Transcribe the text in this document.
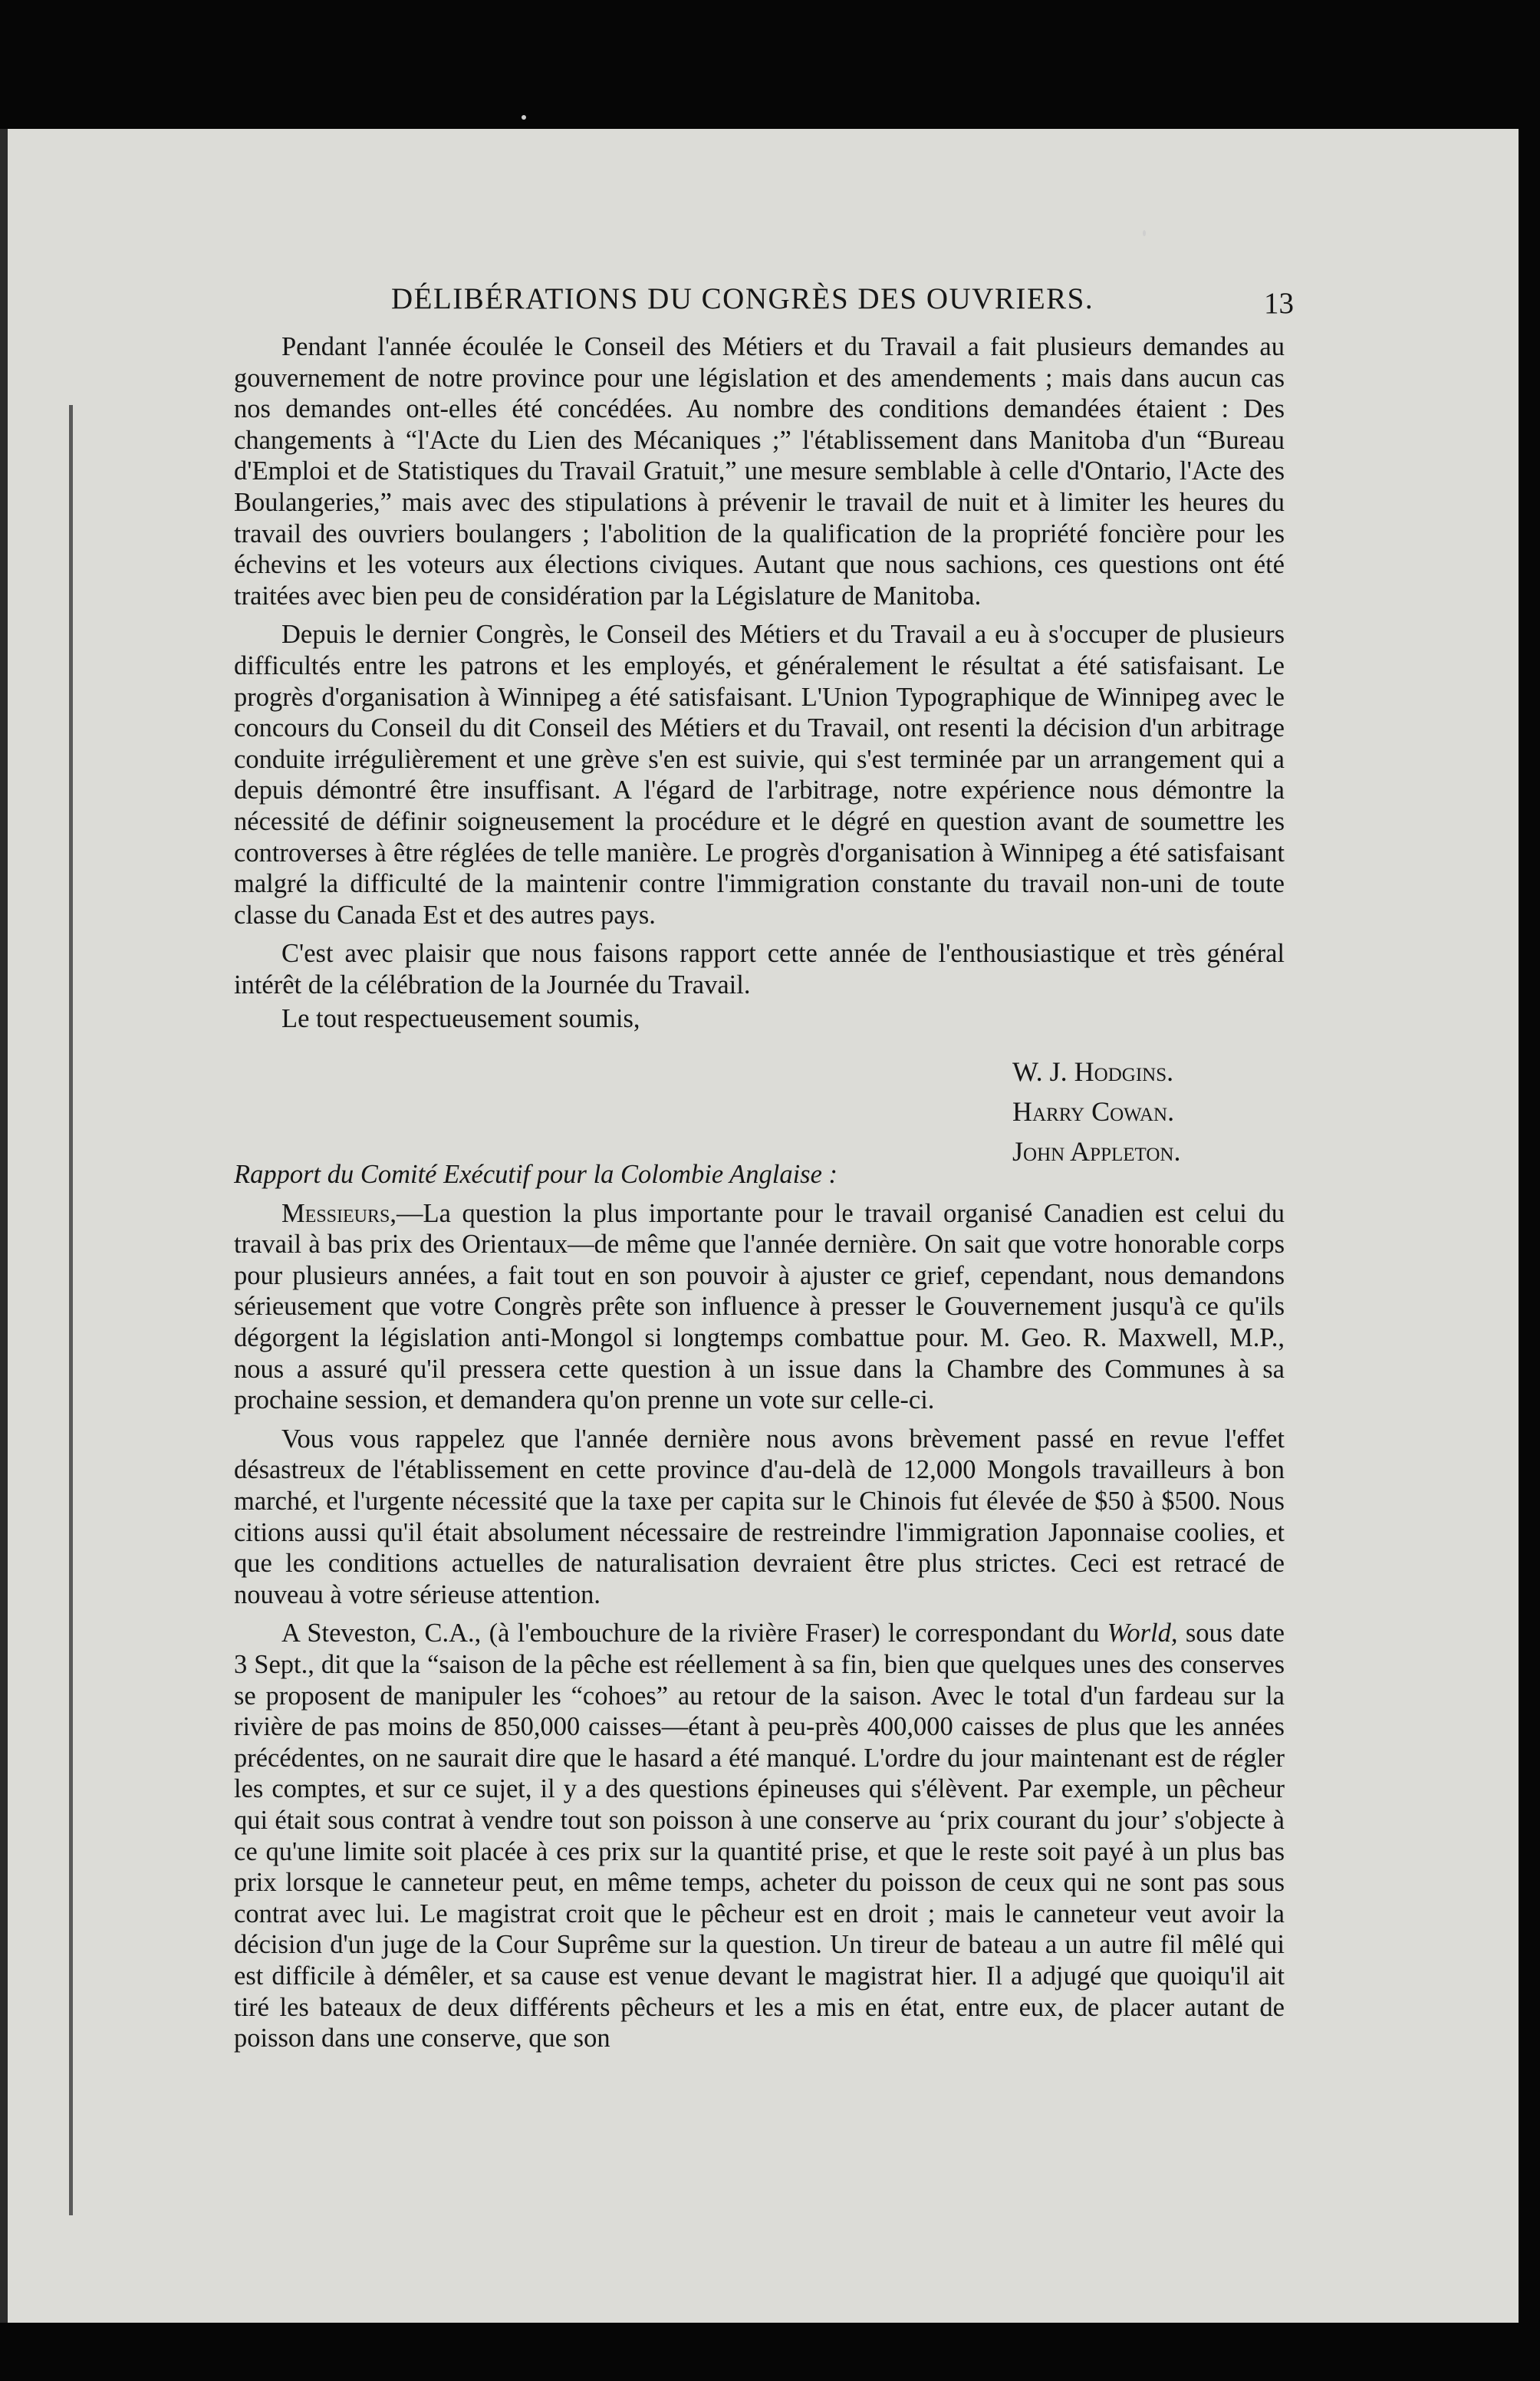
DÉLIBÉRATIONS DU CONGRÈS DES OUVRIERS.	13

Pendant l'année écoulée le Conseil des Métiers et du Travail a fait plusieurs demandes au gouvernement de notre province pour une législation et des amendements ; mais dans aucun cas nos demandes ont-elles été concédées. Au nombre des conditions demandées étaient : Des changements à “l'Acte du Lien des Mécaniques ;” l'établissement dans Manitoba d'un “Bureau d'Emploi et de Statistiques du Travail Gratuit,” une mesure semblable à celle d'Ontario, l'Acte des Boulangeries,” mais avec des stipulations à prévenir le travail de nuit et à limiter les heures du travail des ouvriers boulangers ; l'abolition de la qualification de la propriété foncière pour les échevins et les voteurs aux élections civiques. Autant que nous sachions, ces questions ont été traitées avec bien peu de considération par la Législature de Manitoba.

Depuis le dernier Congrès, le Conseil des Métiers et du Travail a eu à s'occuper de plusieurs difficultés entre les patrons et les employés, et généralement le résultat a été satisfaisant. Le progrès d'organisation à Winnipeg a été satisfaisant. L'Union Typographique de Winnipeg avec le concours du Conseil du dit Conseil des Métiers et du Travail, ont resenti la décision d'un arbitrage conduite irrégulièrement et une grève s'en est suivie, qui s'est terminée par un arrangement qui a depuis démontré être insuffisant. A l'égard de l'arbitrage, notre expérience nous démontre la nécessité de définir soigneusement la procédure et le dégré en question avant de soumettre les controverses à être réglées de telle manière. Le progrès d'organisation à Winnipeg a été satisfaisant malgré la difficulté de la maintenir contre l'immigration constante du travail non-uni de toute classe du Canada Est et des autres pays.

C'est avec plaisir que nous faisons rapport cette année de l'enthousiastique et très général intérêt de la célébration de la Journée du Travail.

Le tout respectueusement soumis,

W. J. Hodgins.
Harry Cowan.
John Appleton.
Rapport du Comité Exécutif pour la Colombie Anglaise :

Messieurs,—La question la plus importante pour le travail organisé Canadien est celui du travail à bas prix des Orientaux—de même que l'année dernière. On sait que votre honorable corps pour plusieurs années, a fait tout en son pouvoir à ajuster ce grief, cependant, nous demandons sérieusement que votre Congrès prête son influence à presser le Gouvernement jusqu'à ce qu'ils dégorgent la législation anti-Mongol si longtemps combattue pour. M. Geo. R. Maxwell, M.P., nous a assuré qu'il pressera cette question à un issue dans la Chambre des Communes à sa prochaine session, et demandera qu'on prenne un vote sur celle-ci.

Vous vous rappelez que l'année dernière nous avons brèvement passé en revue l'effet désastreux de l'établissement en cette province d'au-delà de 12,000 Mongols travailleurs à bon marché, et l'urgente nécessité que la taxe per capita sur le Chinois fut élevée de $50 à $500. Nous citions aussi qu'il était absolument nécessaire de restreindre l'immigration Japonnaise coolies, et que les conditions actuelles de naturalisation devraient être plus strictes. Ceci est retracé de nouveau à votre sérieuse attention.

A Steveston, C.A., (à l'embouchure de la rivière Fraser) le correspondant du World, sous date 3 Sept., dit que la “saison de la pêche est réellement à sa fin, bien que quelques unes des conserves se proposent de manipuler les “cohoes” au retour de la saison. Avec le total d'un fardeau sur la rivière de pas moins de 850,000 caisses—étant à peu-près 400,000 caisses de plus que les années précédentes, on ne saurait dire que le hasard a été manqué. L'ordre du jour maintenant est de régler les comptes, et sur ce sujet, il y a des questions épineuses qui s'élèvent. Par exemple, un pêcheur qui était sous contrat à vendre tout son poisson à une conserve au ‘prix courant du jour’ s'objecte à ce qu'une limite soit placée à ces prix sur la quantité prise, et que le reste soit payé à un plus bas prix lorsque le canneteur peut, en même temps, acheter du poisson de ceux qui ne sont pas sous contrat avec lui. Le magistrat croit que le pêcheur est en droit ; mais le canneteur veut avoir la décision d'un juge de la Cour Suprême sur la question. Un tireur de bateau a un autre fil mêlé qui est difficile à démêler, et sa cause est venue devant le magistrat hier. Il a adjugé que quoiqu'il ait tiré les bateaux de deux différents pêcheurs et les a mis en état, entre eux, de placer autant de poisson dans une conserve, que son
